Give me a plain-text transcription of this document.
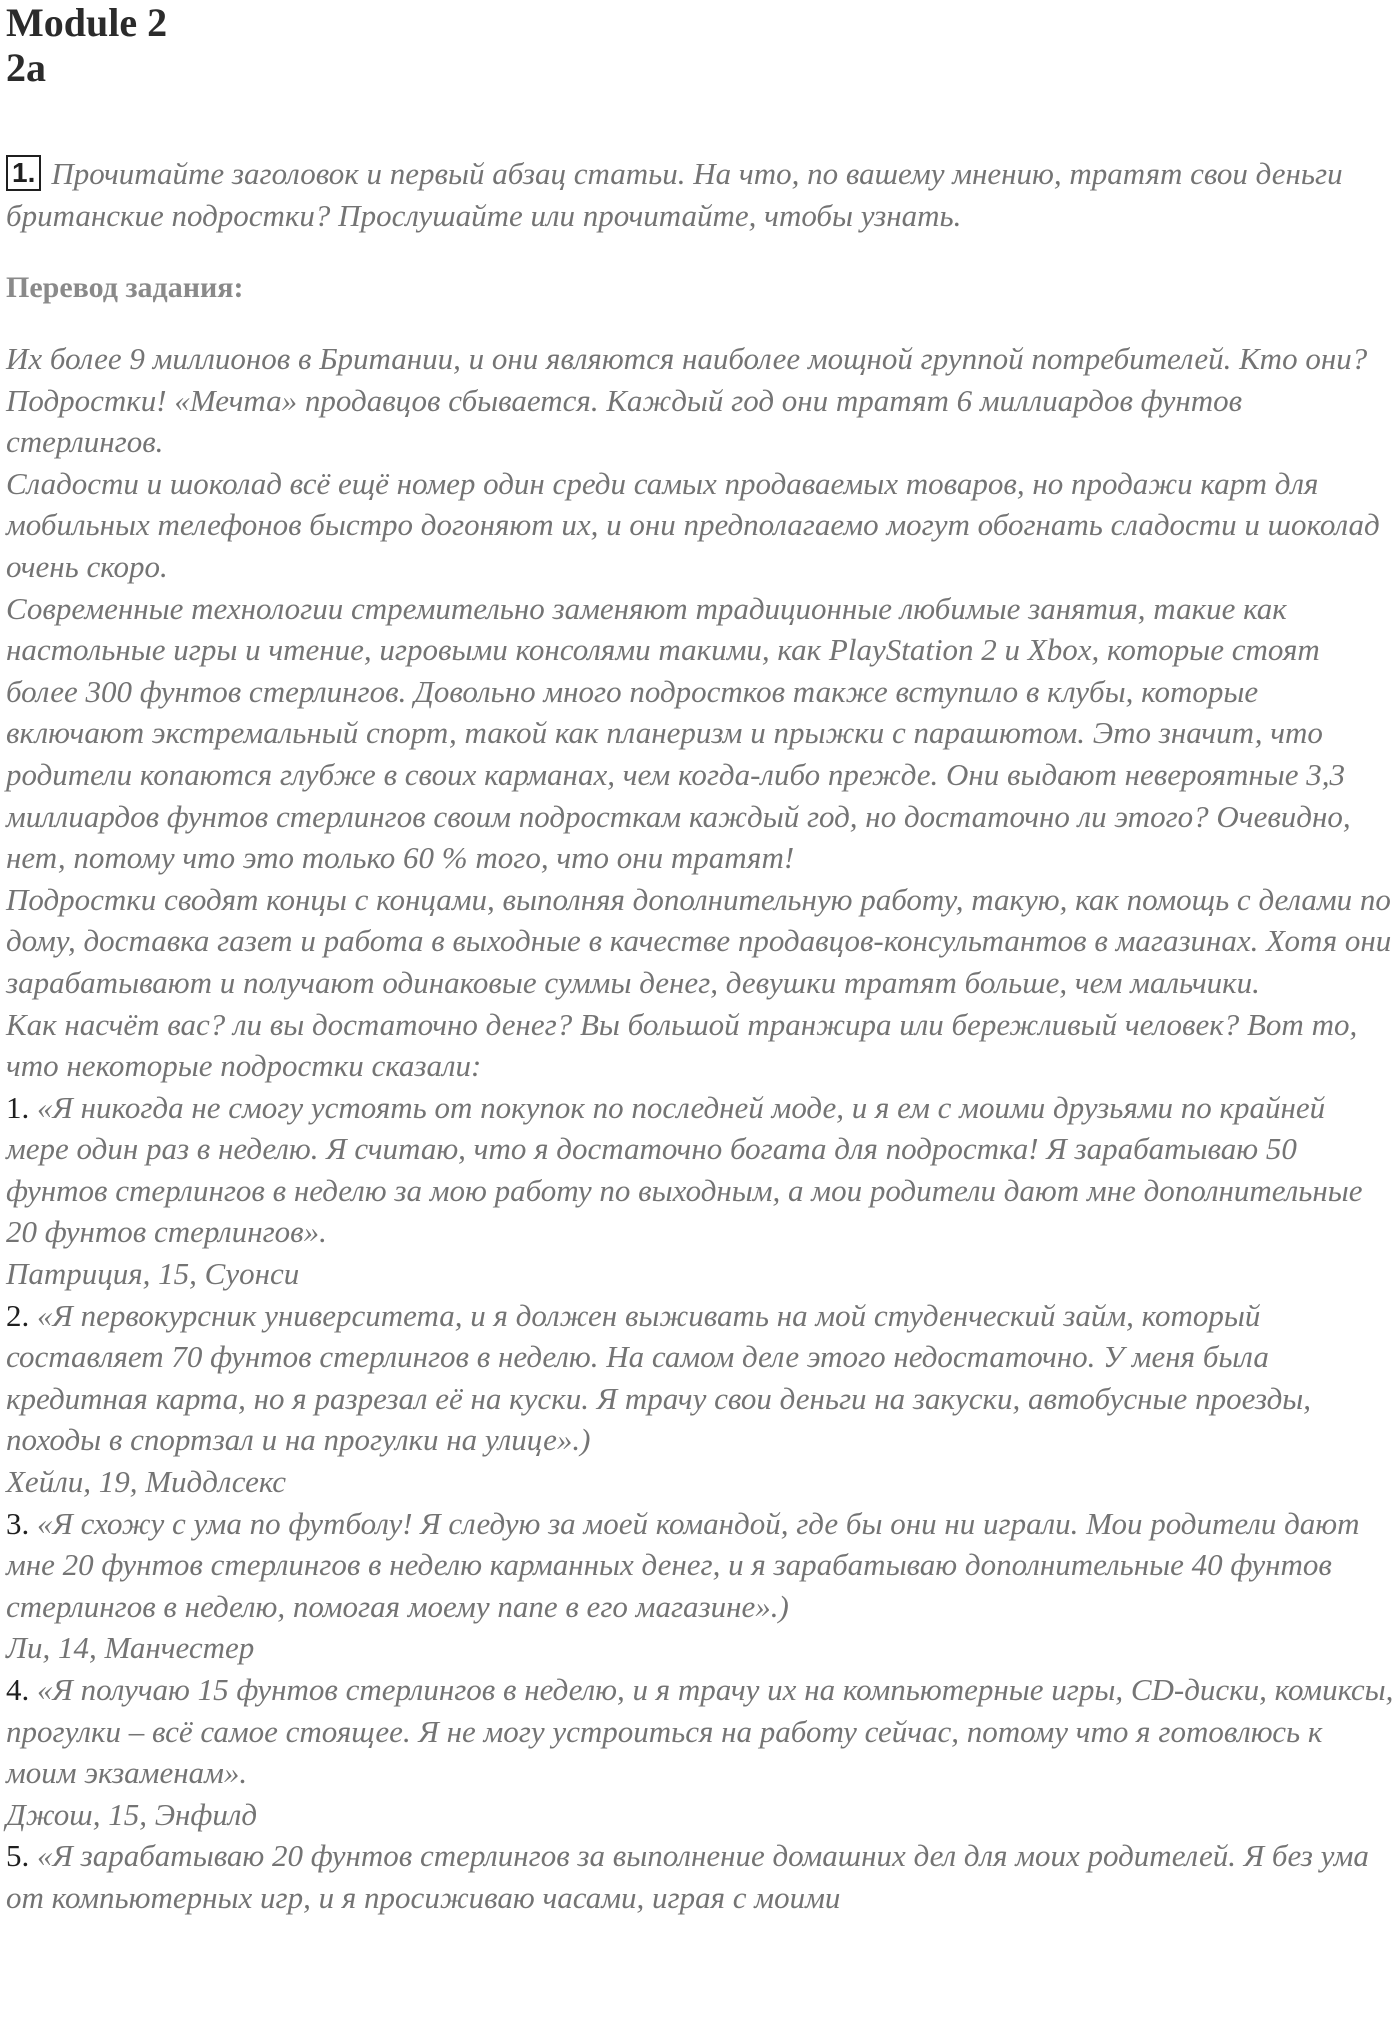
Module 2
2a
1. Прочитайте заголовок и первый абзац статьи. На что, по вашему мнению, тратят свои деньги британские подростки? Прослушайте или прочитайте, чтобы узнать.
Перевод задания:

Их более 9 миллионов в Британии, и они являются наиболее мощной группой потребителей. Кто они? Подростки! «Мечта» продавцов сбывается. Каждый год они тратят 6 миллиардов фунтов стерлингов.

Сладости и шоколад всё ещё номер один среди самых продаваемых товаров, но продажи карт для мобильных телефонов быстро догоняют их, и они предполагаемо могут обогнать сладости и шоколад очень скоро.

Современные технологии стремительно заменяют традиционные любимые занятия, такие как настольные игры и чтение, игровыми консолями такими, как PlayStation 2 и Xbox, которые стоят более 300 фунтов стерлингов. Довольно много подростков также вступило в клубы, которые включают экстремальный спорт, такой как планеризм и прыжки с парашютом. Это значит, что родители копаются глубже в своих карманах, чем когда-либо прежде. Они выдают невероятные 3,3 миллиардов фунтов стерлингов своим подросткам каждый год, но достаточно ли этого? Очевидно, нет, потому что это только 60 % того, что они тратят!

Подростки сводят концы с концами, выполняя дополнительную работу, такую, как помощь с делами по дому, доставка газет и работа в выходные в качестве продавцов-консультантов в магазинах. Хотя они зарабатывают и получают одинаковые суммы денег, девушки тратят больше, чем мальчики.

Как насчёт вас? ли вы достаточно денег? Вы большой транжира или бережливый человек? Вот то, что некоторые подростки сказали:

1. «Я никогда не смогу устоять от покупок по последней моде, и я ем с моими друзьями по крайней мере один раз в неделю. Я считаю, что я достаточно богата для подростка! Я зарабатываю 50 фунтов стерлингов в неделю за мою работу по выходным, а мои родители дают мне дополнительные 20 фунтов стерлингов».

Патриция, 15, Суонси

2. «Я первокурсник университета, и я должен выживать на мой студенческий займ, который составляет 70 фунтов стерлингов в неделю. На самом деле этого недостаточно. У меня была кредитная карта, но я разрезал её на куски. Я трачу свои деньги на закуски, автобусные проезды, походы в спортзал и на прогулки на улице».)

Хейли, 19, Миддлсекс

3. «Я схожу с ума по футболу! Я следую за моей командой, где бы они ни играли. Мои родители дают мне 20 фунтов стерлингов в неделю карманных денег, и я зарабатываю дополнительные 40 фунтов стерлингов в неделю, помогая моему папе в его магазине».)

Ли, 14, Манчестер

4. «Я получаю 15 фунтов стерлингов в неделю, и я трачу их на компьютерные игры, CD-диски, комиксы, прогулки – всё самое стоящее. Я не могу устроиться на работу сейчас, потому что я готовлюсь к моим экзаменам».

Джош, 15, Энфилд

5. «Я зарабатываю 20 фунтов стерлингов за выполнение домашних дел для моих родителей. Я без ума от компьютерных игр, и я просиживаю часами, играя с моими
